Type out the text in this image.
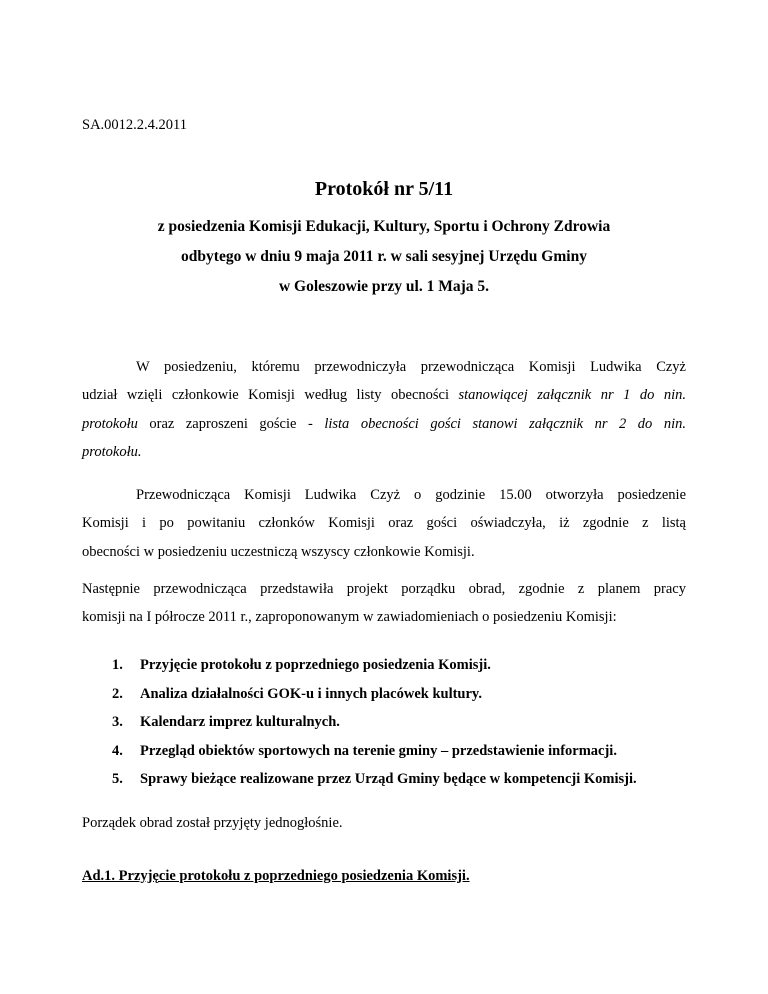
SA.0012.2.4.2011
Protokół nr 5/11
z posiedzenia Komisji Edukacji, Kultury, Sportu i Ochrony Zdrowia
odbytego w dniu 9 maja 2011 r. w sali sesyjnej Urzędu Gminy
w Goleszowie przy ul. 1 Maja 5.
W posiedzeniu, któremu przewodniczyła przewodnicząca Komisji Ludwika Czyż
udział wzięli członkowie Komisji według listy obecności stanowiącej załącznik nr 1 do nin.
protokołu oraz zaproszeni goście - lista obecności gości stanowi załącznik nr 2 do nin.
protokołu.
Przewodnicząca Komisji Ludwika Czyż o godzinie 15.00 otworzyła posiedzenie
Komisji i po powitaniu członków Komisji oraz gości oświadczyła, iż zgodnie z listą
obecności w posiedzeniu uczestniczą wszyscy członkowie Komisji.
Następnie przewodnicząca przedstawiła projekt porządku obrad, zgodnie z planem pracy
komisji na I półrocze 2011 r., zaproponowanym w zawiadomieniach o posiedzeniu Komisji:
1. Przyjęcie protokołu z poprzedniego posiedzenia Komisji.
2. Analiza działalności GOK-u i innych placówek kultury.
3. Kalendarz imprez kulturalnych.
4. Przegląd obiektów sportowych na terenie gminy – przedstawienie informacji.
5. Sprawy bieżące realizowane przez Urząd Gminy będące w kompetencji Komisji.
Porządek obrad został przyjęty jednogłośnie.
Ad.1. Przyjęcie protokołu z poprzedniego posiedzenia Komisji.
